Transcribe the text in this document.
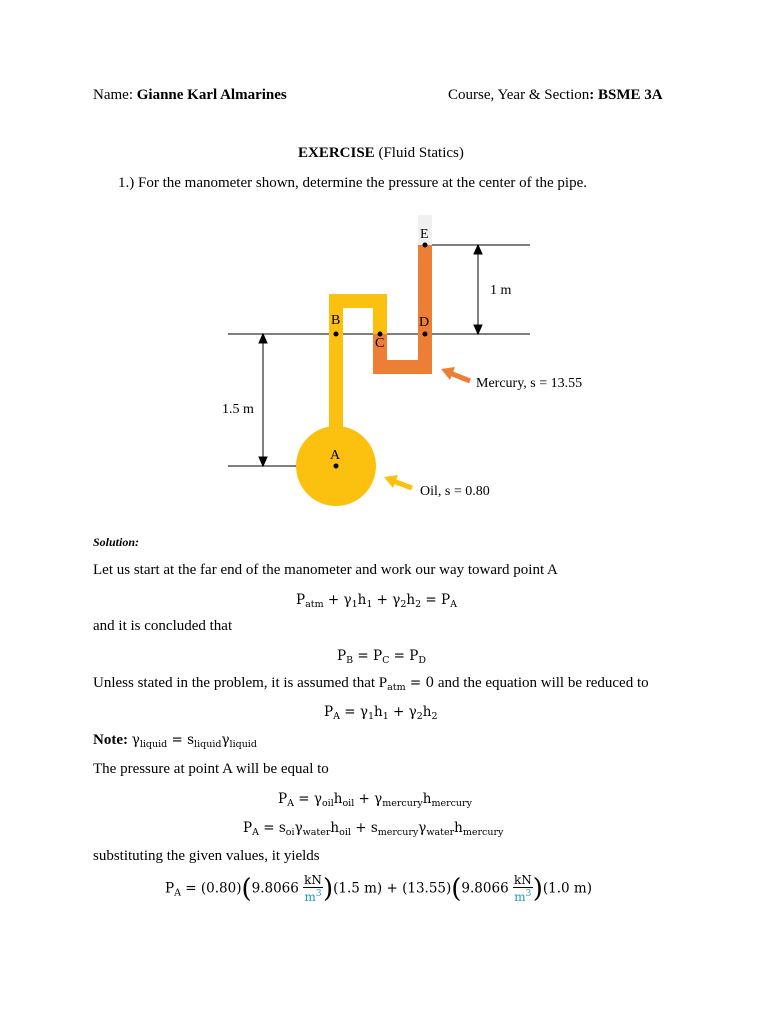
Name: Gianne Karl Almarines	Course, Year & Section: BSME 3A
EXERCISE (Fluid Statics)
1.) For the manometer shown, determine the pressure at the center of the pipe.
E
B	D
C
A
1 m
1.5 m
Mercury, s = 13.55
Oil, s = 0.80
Solution:
Let us start at the far end of the manometer and work our way toward point A
$P_{atm} + \gamma_1h_1 + \gamma_2h_2 = P_A$
and it is concluded that
$P_B = P_C = P_D$
Unless stated in the problem, it is assumed that $P_{atm} = 0$ and the equation will be reduced to
$P_A = \gamma_1h_1 + \gamma_2h_2$
Note: $\gamma_{liquid} = s_{liquid}\gamma_{liquid}$
The pressure at point A will be equal to
$P_A = \gamma_{oil}h_{oil} + \gamma_{mercury}h_{mercury}$
$P_A = s_{oi}\gamma_{water}h_{oil} + s_{mercury}\gamma_{water}h_{mercury}$
substituting the given values, it yields
$P_A = (0.80)(9.8066 \frac{kN}{m^3} )(1.5$ $m) + (13.55)(9.8066 \frac{kN}{m^3} )(1.0$ m)
